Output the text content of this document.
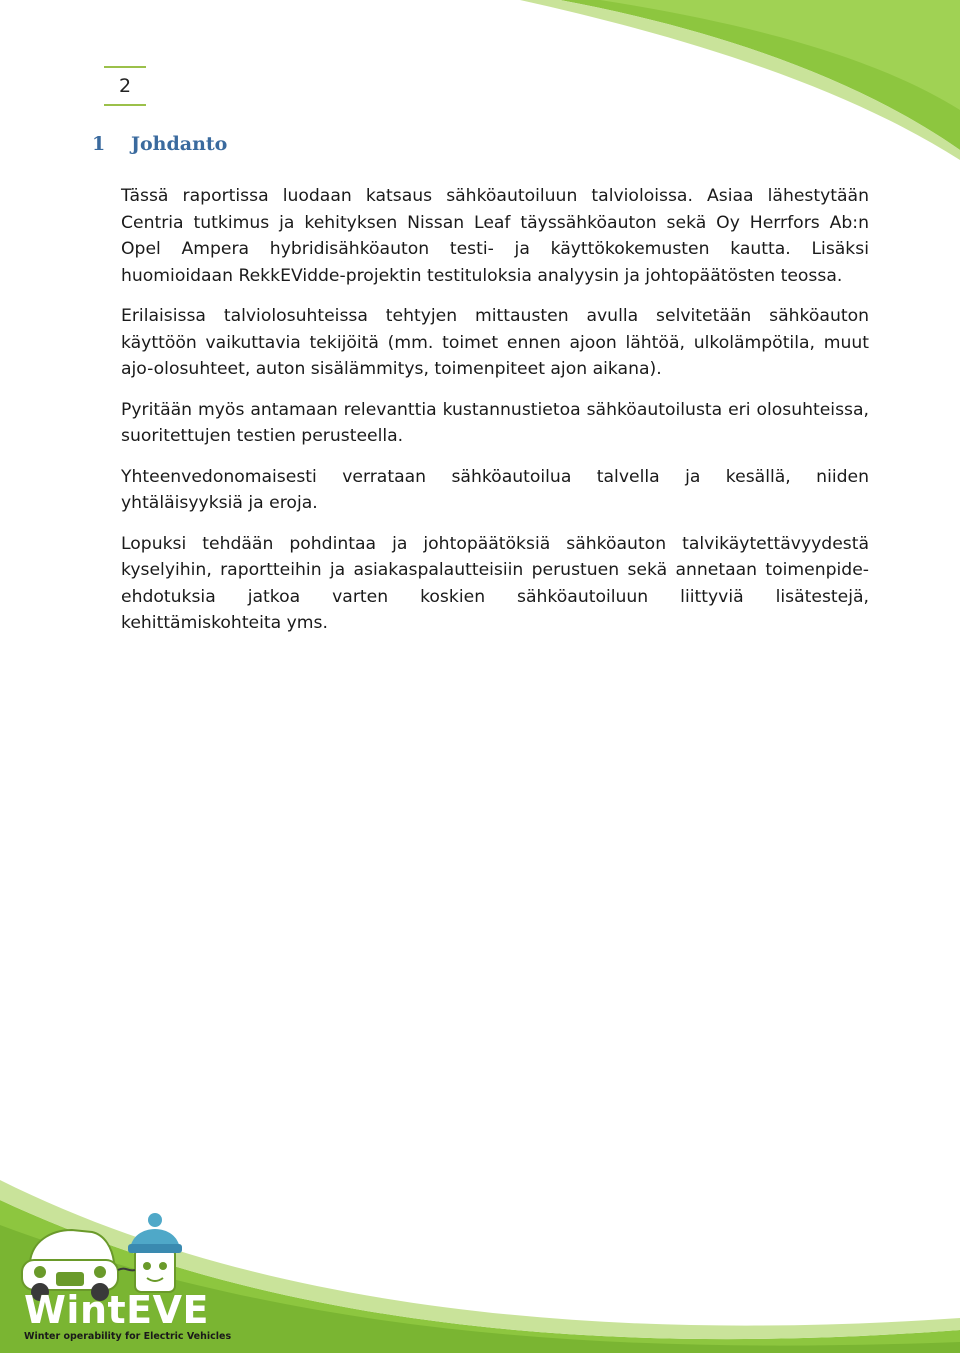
2
1 Johdanto

Tässä raportissa luodaan katsaus sähköautoiluun talvioloissa. Asiaa lähestytään Centria tutkimus ja kehityksen Nissan Leaf täyssähköauton sekä Oy Herrfors Ab:n Opel Ampera hybridisähköauton testi- ja käyttökokemusten kautta. Lisäksi huomioidaan RekkEVidde-projektin testituloksia analyysin ja johtopäätösten teossa.

Erilaisissa talviolosuhteissa tehtyjen mittausten avulla selvitetään sähköauton käyttöön vaikuttavia tekijöitä (mm. toimet ennen ajoon lähtöä, ulkolämpötila, muut ajo-olosuhteet, auton sisälämmitys, toimenpiteet ajon aikana).

Pyritään myös antamaan relevanttia kustannustietoa sähköautoilusta eri olosuhteissa, suoritettujen testien perusteella.

Yhteenvedonomaisesti verrataan sähköautoilua talvella ja kesällä, niiden yhtäläisyyksiä ja eroja.

Lopuksi tehdään pohdintaa ja johtopäätöksiä sähköauton talvikäytettävyydestä kyselyihin, raportteihin ja asiakaspalautteisiin perustuen sekä annetaan toimenpide-ehdotuksia jatkoa varten koskien sähköautoiluun liittyviä lisätestejä, kehittämiskohteita yms.

WintEVE
Winter operability for Electric Vehicles
